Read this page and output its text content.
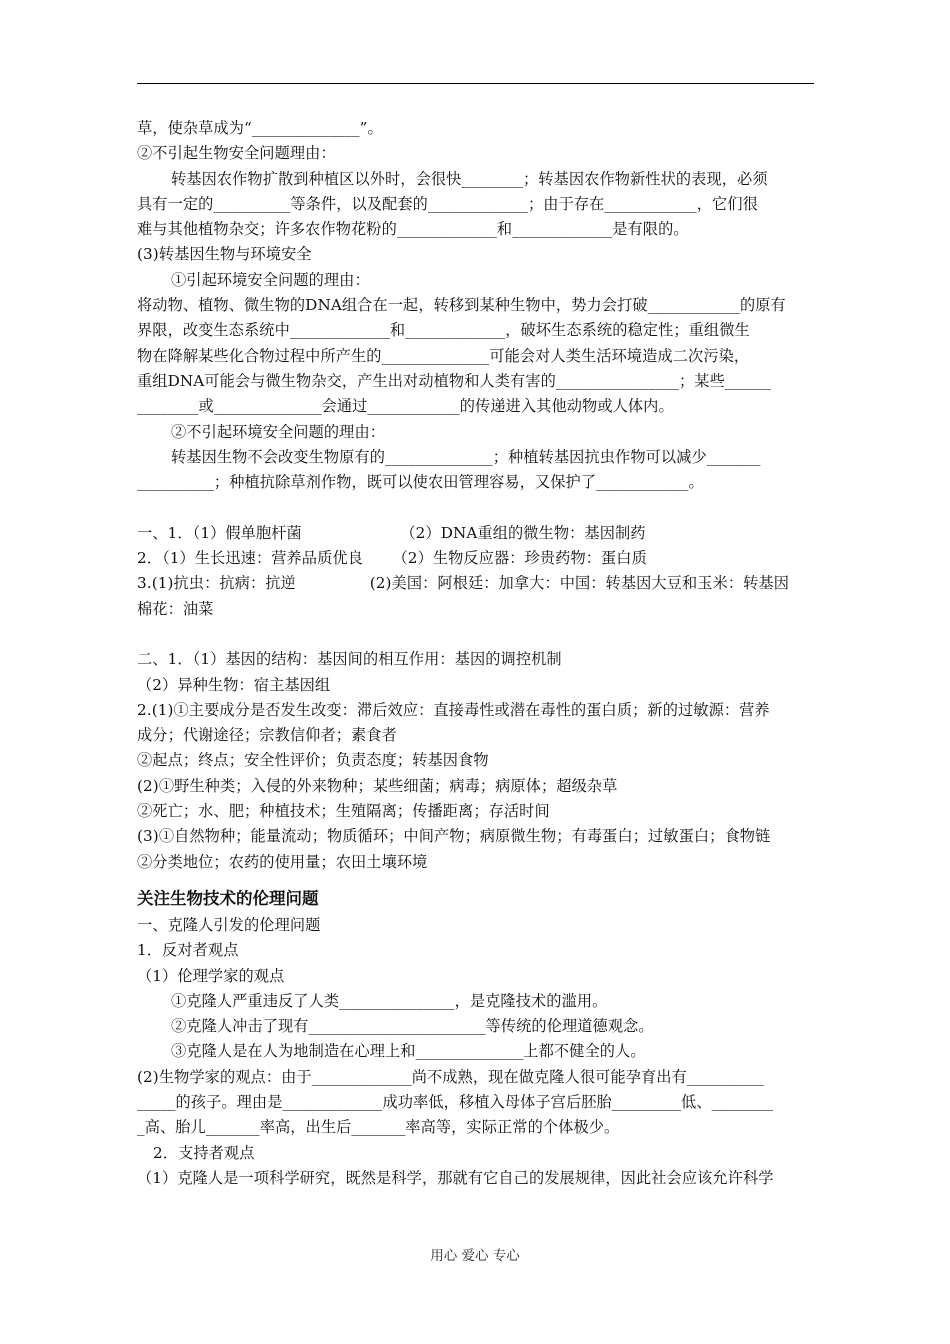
草，使杂草成为“______________”。
②不引起生物安全问题理由：
转基因农作物扩散到种植区以外时，会很快________；转基因农作物新性状的表现，必须
具有一定的__________等条件，以及配套的_____________；由于存在____________，它们很
难与其他植物杂交；许多农作物花粉的_____________和_____________是有限的。
(3)转基因生物与环境安全
①引起环境安全问题的理由：
将动物、植物、微生物的DNA组合在一起，转移到某种生物中，势力会打破____________的原有
界限，改变生态系统中_____________和_____________，破坏生态系统的稳定性；重组微生
物在降解某些化合物过程中所产生的______________可能会对人类生活环境造成二次污染，
重组DNA可能会与微生物杂交，产生出对动植物和人类有害的________________；某些______
________或______________会通过____________的传递进入其他动物或人体内。
②不引起环境安全问题的理由：
转基因生物不会改变生物原有的______________；种植转基因抗虫作物可以减少_______
__________；种植抗除草剂作物，既可以使农田管理容易，又保护了____________。
一、1．（1）假单胞杆菌                    （2）DNA重组的微生物：基因制药
2．（1）生长迅速：营养品质优良      （2）生物反应器：珍贵药物：蛋白质
3.(1)抗虫：抗病：抗逆               (2)美国：阿根廷：加拿大：中国：转基因大豆和玉米：转基因
棉花：油菜
二、1．（1）基因的结构：基因间的相互作用：基因的调控机制
（2）异种生物：宿主基因组
2.(1)①主要成分是否发生改变：滞后效应：直接毒性或潜在毒性的蛋白质；新的过敏源：营养
成分；代谢途径；宗教信仰者；素食者
②起点；终点；安全性评价；负责态度；转基因食物
(2)①野生种类；入侵的外来物种；某些细菌；病毒；病原体；超级杂草
②死亡；水、肥；种植技术；生殖隔离；传播距离；存活时间
(3)①自然物种；能量流动；物质循环；中间产物；病原微生物；有毒蛋白；过敏蛋白；食物链
②分类地位；农药的使用量；农田土壤环境
关注生物技术的伦理问题
一、克隆人引发的伦理问题
1．反对者观点
（1）伦理学家的观点
①克隆人严重违反了人类_______________，是克隆技术的滥用。
②克隆人冲击了现有_______________________等传统的伦理道德观念。
③克隆人是在人为地制造在心理上和______________上都不健全的人。
(2)生物学家的观点：由于_____________尚不成熟，现在做克隆人很可能孕育出有__________
_____的孩子。理由是_____________成功率低，移植入母体子宫后胚胎_________低、________
_高、胎儿_______率高，出生后_______率高等，实际正常的个体极少。
2．支持者观点
（1）克隆人是一项科学研究，既然是科学，那就有它自己的发展规律，因此社会应该允许科学
用心 爱心 专心
